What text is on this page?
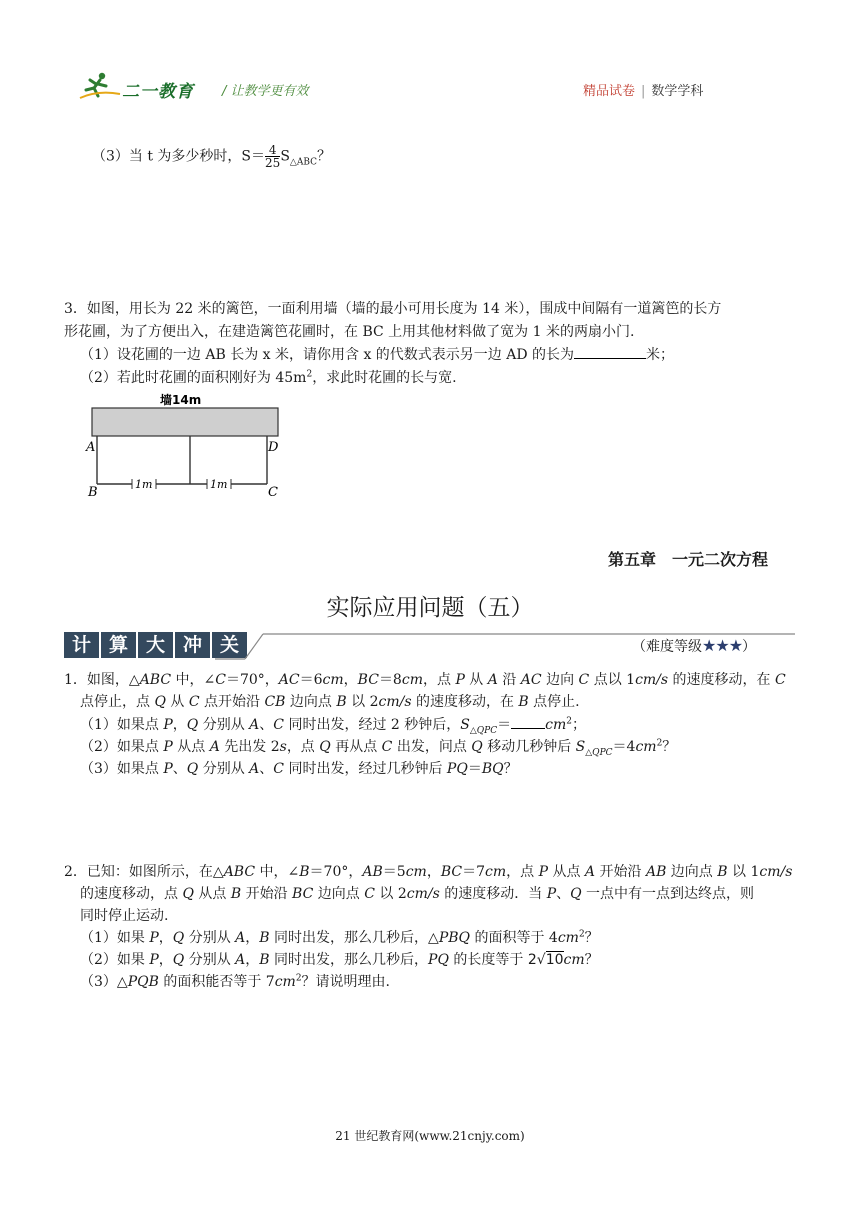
二一教育 / 让教学更有效	精品试卷 | 数学学科
（3）当 t 为多少秒时，$S= \frac{4}{25} S_{\triangle ABC}$？
3．如图，用长为 22 米的篱笆，一面利用墙（墙的最小可用长度为 14 米），围成中间隔有一道篱笆的长方
形花圃，为了方便出入，在建造篱笆花圃时，在 BC 上用其他材料做了宽为 1 米的两扇小门.
（1）设花圃的一边 AB 长为 x 米，请你用含 x 的代数式表示另一边 AD 的长为	米；
（2）若此时花圃的面积刚好为 $45m^2$，求此时花圃的长与宽.
墙14m
1m	1m
A	D
B	C
第五章　一元二次方程
实际应用问题（五）
计 算 大 冲 关	（难度等级★★★）
1．如图，△ABC 中，∠C＝70°，AC＝6cm，BC＝8cm，点 P 从 A 沿 AC 边向 C 点以 1cm/s 的速度移动，在 C
点停止，点 Q 从 C 点开始沿 CB 边向点 B 以 2cm/s 的速度移动，在 B 点停止.
（1）如果点 P，Q 分别从 A、C 同时出发，经过 2 秒钟后，$S_{\triangle QPC}= cm^2$；
（2）如果点 P 从点 A 先出发 2s，点 Q 再从点 C 出发，问点 Q 移动几秒钟后 $S_{\triangle QPC}=4cm^2$？
（3）如果点 P、Q 分别从 A、C 同时出发，经过几秒钟后 PQ＝BQ？
2．已知：如图所示，在△ABC 中，∠B＝70°，AB＝5cm，BC＝7cm，点 P 从点 A 开始沿 AB 边向点 B 以 1cm/s
的速度移动，点 Q 从点 B 开始沿 BC 边向点 C 以 2cm/s 的速度移动．当 P、Q 一点中有一点到达终点，则
同时停止运动.
（1）如果 P，Q 分别从 A，B 同时出发，那么几秒后，△PBQ 的面积等于 $4cm^2$？
（2）如果 P，Q 分别从 A，B 同时出发，那么几秒后，PQ 的长度等于 2√10cm？
（3）△PQB 的面积能否等于 $7cm^2$？请说明理由.
21 世纪教育网(www.21cnjy.com)
